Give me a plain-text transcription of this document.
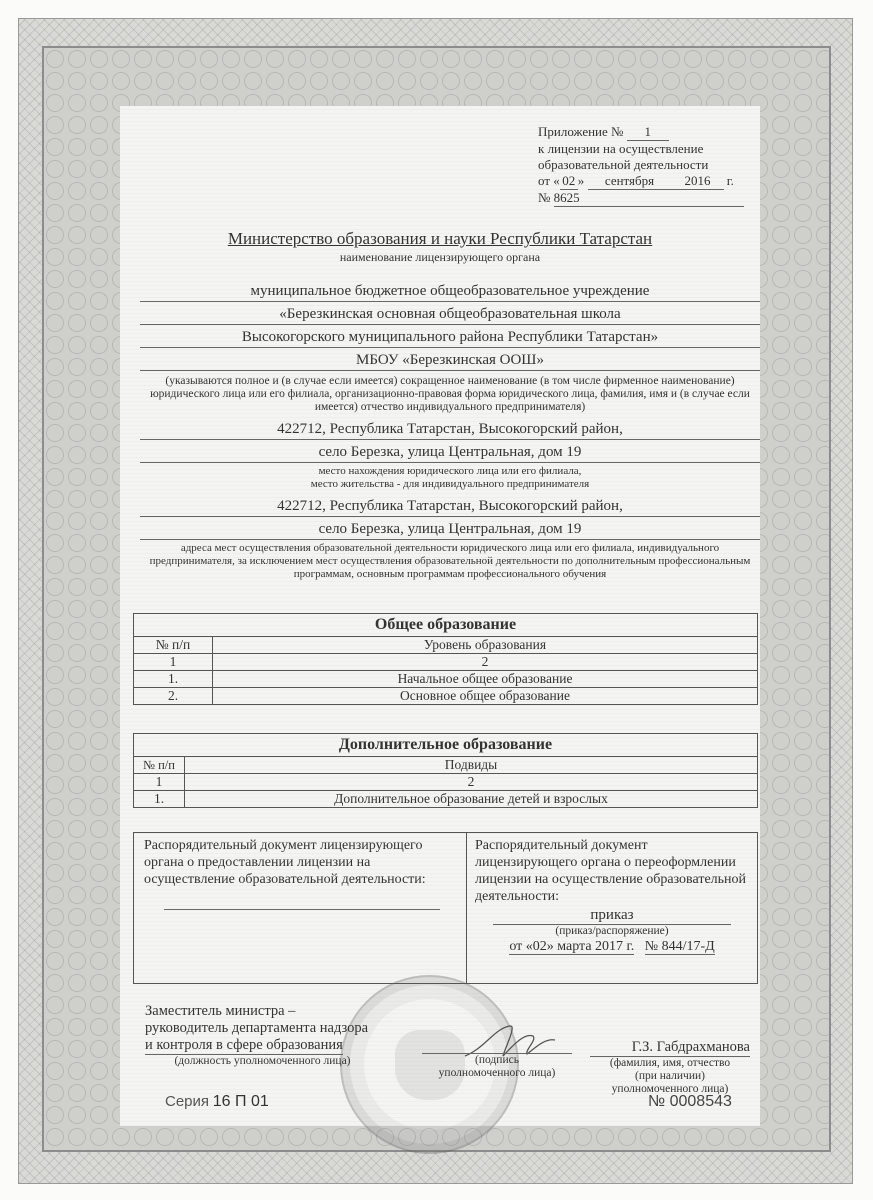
Приложение № 1
к лицензии на осуществление
образовательной деятельности
от « 02 » сентября 2016 г.
№ 8625
Министерство образования и науки Республики Татарстан
наименование лицензирующего органа
муниципальное бюджетное общеобразовательное учреждение
«Березкинская основная общеобразовательная школа
Высокогорского муниципального района Республики Татарстан»
МБОУ «Березкинская ООШ»
(указываются полное и (в случае если имеется) сокращенное наименование (в том числе фирменное наименование) юридического лица или его филиала, организационно-правовая форма юридического лица, фамилия, имя и (в случае если имеется) отчество индивидуального предпринимателя)
422712, Республика Татарстан, Высокогорский район,
село Березка, улица Центральная, дом 19
место нахождения юридического лица или его филиала,
место жительства - для индивидуального предпринимателя
422712, Республика Татарстан, Высокогорский район,
село Березка, улица Центральная, дом 19
адреса мест осуществления образовательной деятельности юридического лица или его филиала, индивидуального предпринимателя, за исключением мест осуществления образовательной деятельности по дополнительным профессиональным программам, основным программам профессионального обучения
Общее образование	
№ п/п	Уровень образования
1	2
1.	Начальное общее образование
2.	Основное общее образование
Дополнительное образование	
№ п/п	Подвиды
1	2
1.	Дополнительное образование детей и взрослых
Распорядительный документ лицензирующего органа о предоставлении лицензии на осуществление образовательной деятельности:

Распорядительный документ лицензирующего органа о переоформлении лицензии на осуществление образовательной деятельности:
приказ
(приказ/распоряжение)
от «02» марта 2017 г. № 844/17-Д
Заместитель министра –
руководитель департамента надзора
и контроля в сфере образования
(должность уполномоченного лица)	(подпись
уполномоченного лица)
Г.З. Габдрахманова
(фамилия, имя, отчество
(при наличии)
уполномоченного лица)
Серия 16 П 01	№ 0008543
